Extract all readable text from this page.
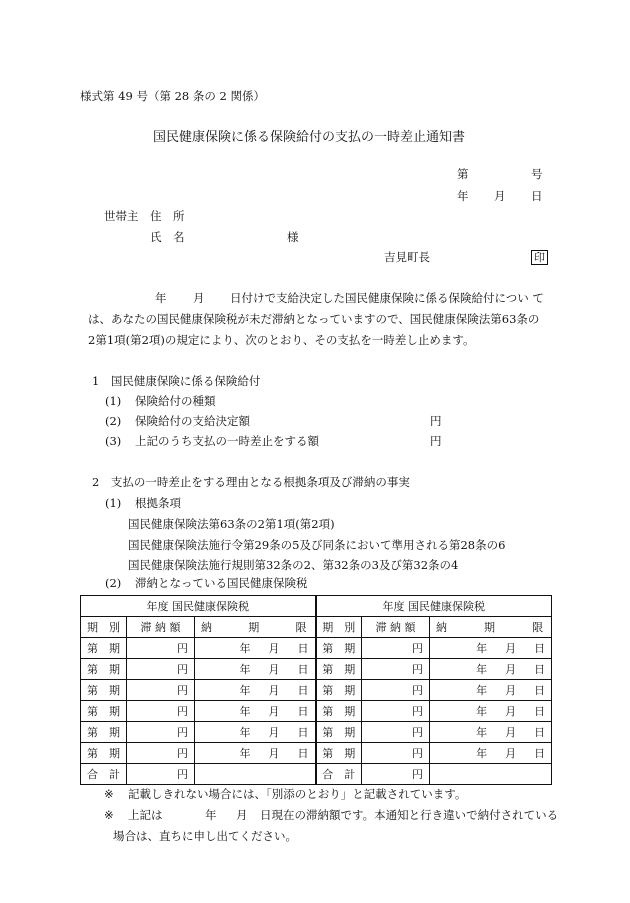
様式第 49 号（第 28 条の 2 関係）
国民健康保険に係る保険給付の支払の一時差止通知書
第	号
年 月 日
世帯主 住　所
氏　名	様
吉見町長	印
年 月 日付けで支給決定した国民健康保険に係る保険給付につい て
は、あなたの国民健康保険税が未だ滞納となっていますので、国民健康保険法第63条の
2第1項(第2項)の規定により、次のとおり、その支払を一時差し止めます。
1　国民健康保険に係る保険給付
(1) 保険給付の種類
(2) 保険給付の支給決定額	円
(3) 上記のうち支払の一時差止をする額	円
2　支払の一時差止をする理由となる根拠条項及び滞納の事実
(1) 根拠条項
国民健康保険法第63条の2第1項(第2項)
国民健康保険法施行令第29条の5及び同条において準用される第28条の6
国民健康保険法施行規則第32条の2、第32条の3及び第32条の4
(2) 滞納となっている国民健康保険税
年度 国民健康保険税			年度 国民健康保険税		
期　別	滞 納 額	納 期 限	期　別	滞 納 額	納 期 限

第　期	円	年 月 日	第　期	円	年 月 日

第　期	円	年 月 日	第　期	円	年 月 日

第　期	円	年 月 日	第　期	円	年 月 日

第　期	円	年 月 日	第　期	円	年 月 日

第　期	円	年 月 日	第　期	円	年 月 日

第　期	円	年 月 日	第　期	円	年 月 日

合　計	円		合　計	円	
※ 記載しきれない場合には、「別添のとおり」と記載されています。
※ 上記は	年 月 日現在の滞納額です。本通知と行き違いで納付されている
場合は、直ちに申し出てください。
